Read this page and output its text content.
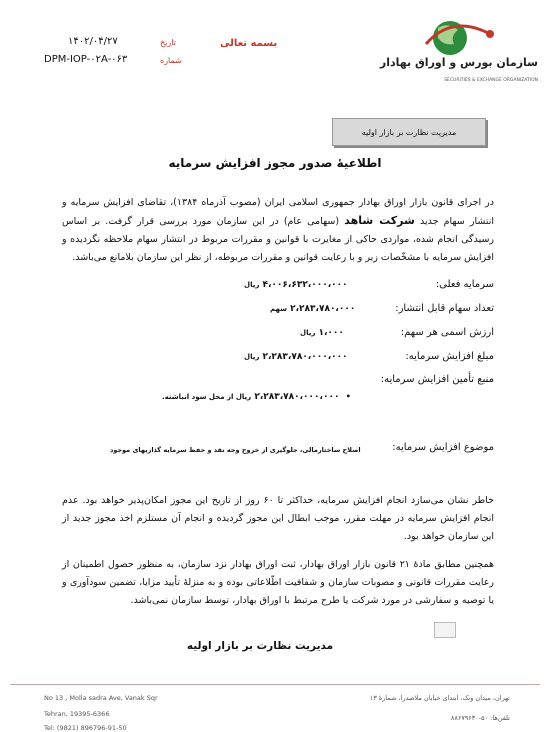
سازمان بورس و اوراق بهادار
SECURITIES & EXCHANGE ORGANIZATION
بسمه تعالی
تاریخ
شماره
۱۴۰۲/۰۴/۲۷
DPM-IOP-۰۲A-۰۶۳
مدیریت نظارت بر بازار اولیه
اطلاعیهٔ صدور مجوز افزایش سرمایه
در اجرای قانون بازار اوراق بهادار جمهوری اسلامی ایران (مصوب آذرماه ۱۳۸۴)، تقاضای افزایش سرمایه و انتشار سهام جدید شرکت شاهد (سهامی عام) در این سازمان مورد بررسی قرار گرفت. بر اساس رسیدگی انجام شده، مواردی حاکی از مغایرت با قوانین و مقررات مربوط در انتشار سهام ملاحظه نگردیده و افزایش سرمایه با مشخّصات زیر و با رعایت قوانین و مقررات مربوطه، از نظر این سازمان بلامانع می‌باشد.
سرمایه فعلی:
۴،۰۰۶،۶۳۲،۰۰۰،۰۰۰ ریال
تعداد سهام قابل انتشار:
۲،۲۸۳،۷۸۰،۰۰۰ سهم
ارزش اسمی هر سهم:
۱،۰۰۰ ریال
مبلغ افزایش سرمایه:
۲،۲۸۳،۷۸۰،۰۰۰،۰۰۰ ریال
منبع تأمین افزایش سرمایه:
•  ۲،۲۸۳،۷۸۰،۰۰۰،۰۰۰ ریال از محل سود انباشته.
موضوع افزایش سرمایه:
اصلاح ساختارمالی، جلوگیری از خروج وجه نقد و حفظ سرمایه گذاریهای موجود
خاطر نشان می‌سازد انجام افزایش سرمایه، حداکثر تا ۶۰ روز از تاریخ این مجوز امکان‌پذیر خواهد بود. عدم انجام افزایش سرمایه در مهلت مقرر، موجب ابطال این مجوز گردیده و انجام آن مستلزم اخذ مجوز جدید از این سازمان خواهد بود.
همچنین مطابق مادهٔ ۲۱ قانون بازار اوراق بهادار، ثبت اوراق بهادار نزد سازمان، به منظور حصول اطمینان از رعایت مقررات قانونی و مصوبات سازمان و شفافیت اطّلاعاتی بوده و به منزلهٔ تأیید مزایا، تضمین سودآوری و یا توصیه و سفارشی در مورد شرکت یا طرح مرتبط با اوراق بهادار، توسط سازمان نمی‌باشد.
مدیریت نظارت بر بازار اولیه
No 13 , Molla sadra Ave, Vanak Sqr
Tehran, 19395-6366
Tel: (9821) 896796-91-50
تهران، میدان ونک، ابتدای خیابان ملاصدرا، شمارهٔ ۱۳
تلفن‌ها: ۵۰-۸۸۶۷۹۶۳۰
